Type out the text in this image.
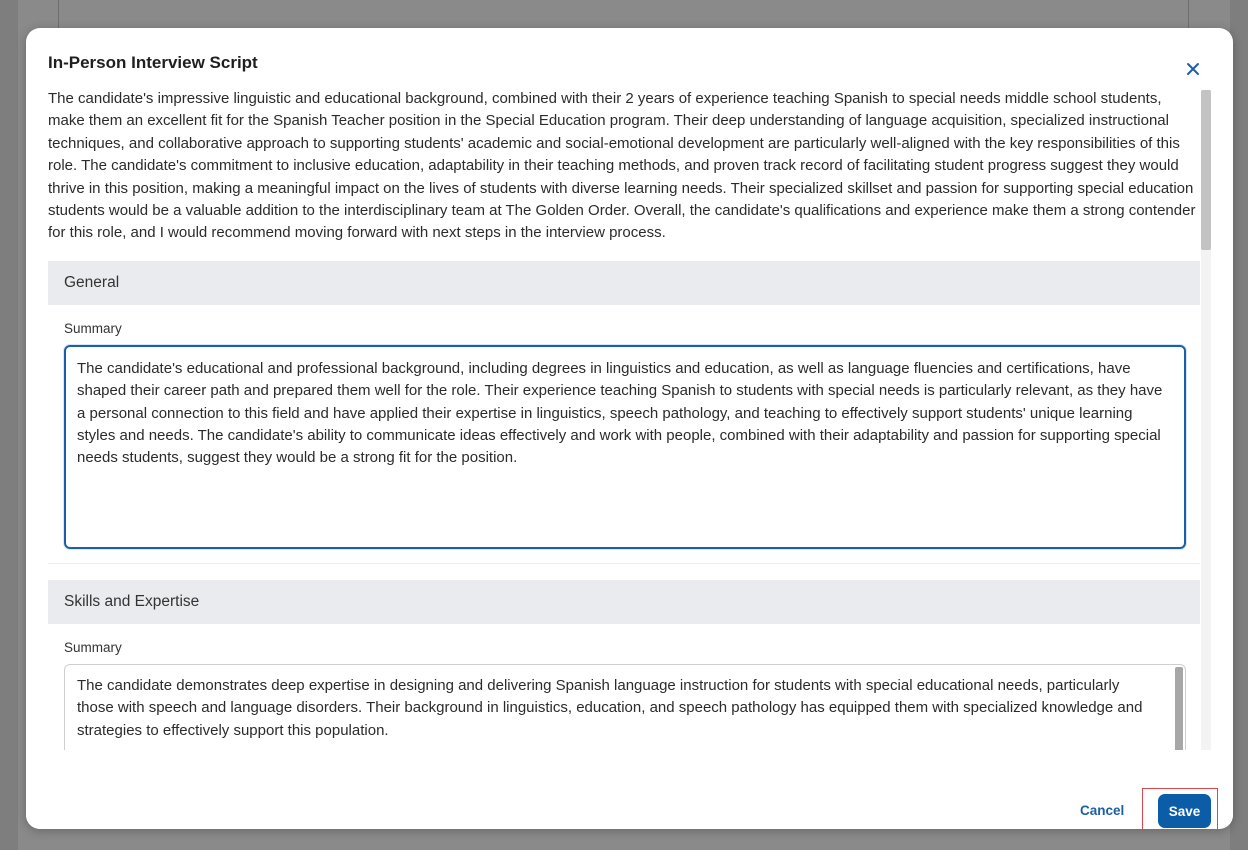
In-Person Interview Script

The candidate's impressive linguistic and educational background, combined with their 2 years of experience teaching Spanish to special needs middle school students, make them an excellent fit for the Spanish Teacher position in the Special Education program. Their deep understanding of language acquisition, specialized instructional techniques, and collaborative approach to supporting students' academic and social-emotional development are particularly well-aligned with the key responsibilities of this role. The candidate's commitment to inclusive education, adaptability in their teaching methods, and proven track record of facilitating student progress suggest they would thrive in this position, making a meaningful impact on the lives of students with diverse learning needs. Their specialized skillset and passion for supporting special education students would be a valuable addition to the interdisciplinary team at The Golden Order. Overall, the candidate's qualifications and experience make them a strong contender for this role, and I would recommend moving forward with next steps in the interview process.

General
Summary
The candidate's educational and professional background, including degrees in linguistics and education, as well as language fluencies and certifications, have shaped their career path and prepared them well for the role. Their experience teaching Spanish to students with special needs is particularly relevant, as they have a personal connection to this field and have applied their expertise in linguistics, speech pathology, and teaching to effectively support students' unique learning styles and needs. The candidate's ability to communicate ideas effectively and work with people, combined with their adaptability and passion for supporting special needs students, suggest they would be a strong fit for the position.
Skills and Expertise
Summary
The candidate demonstrates deep expertise in designing and delivering Spanish language instruction for students with special educational needs, particularly those with speech and language disorders. Their background in linguistics, education, and speech pathology has equipped them with specialized knowledge and strategies to effectively support this population.
Cancel	Save
